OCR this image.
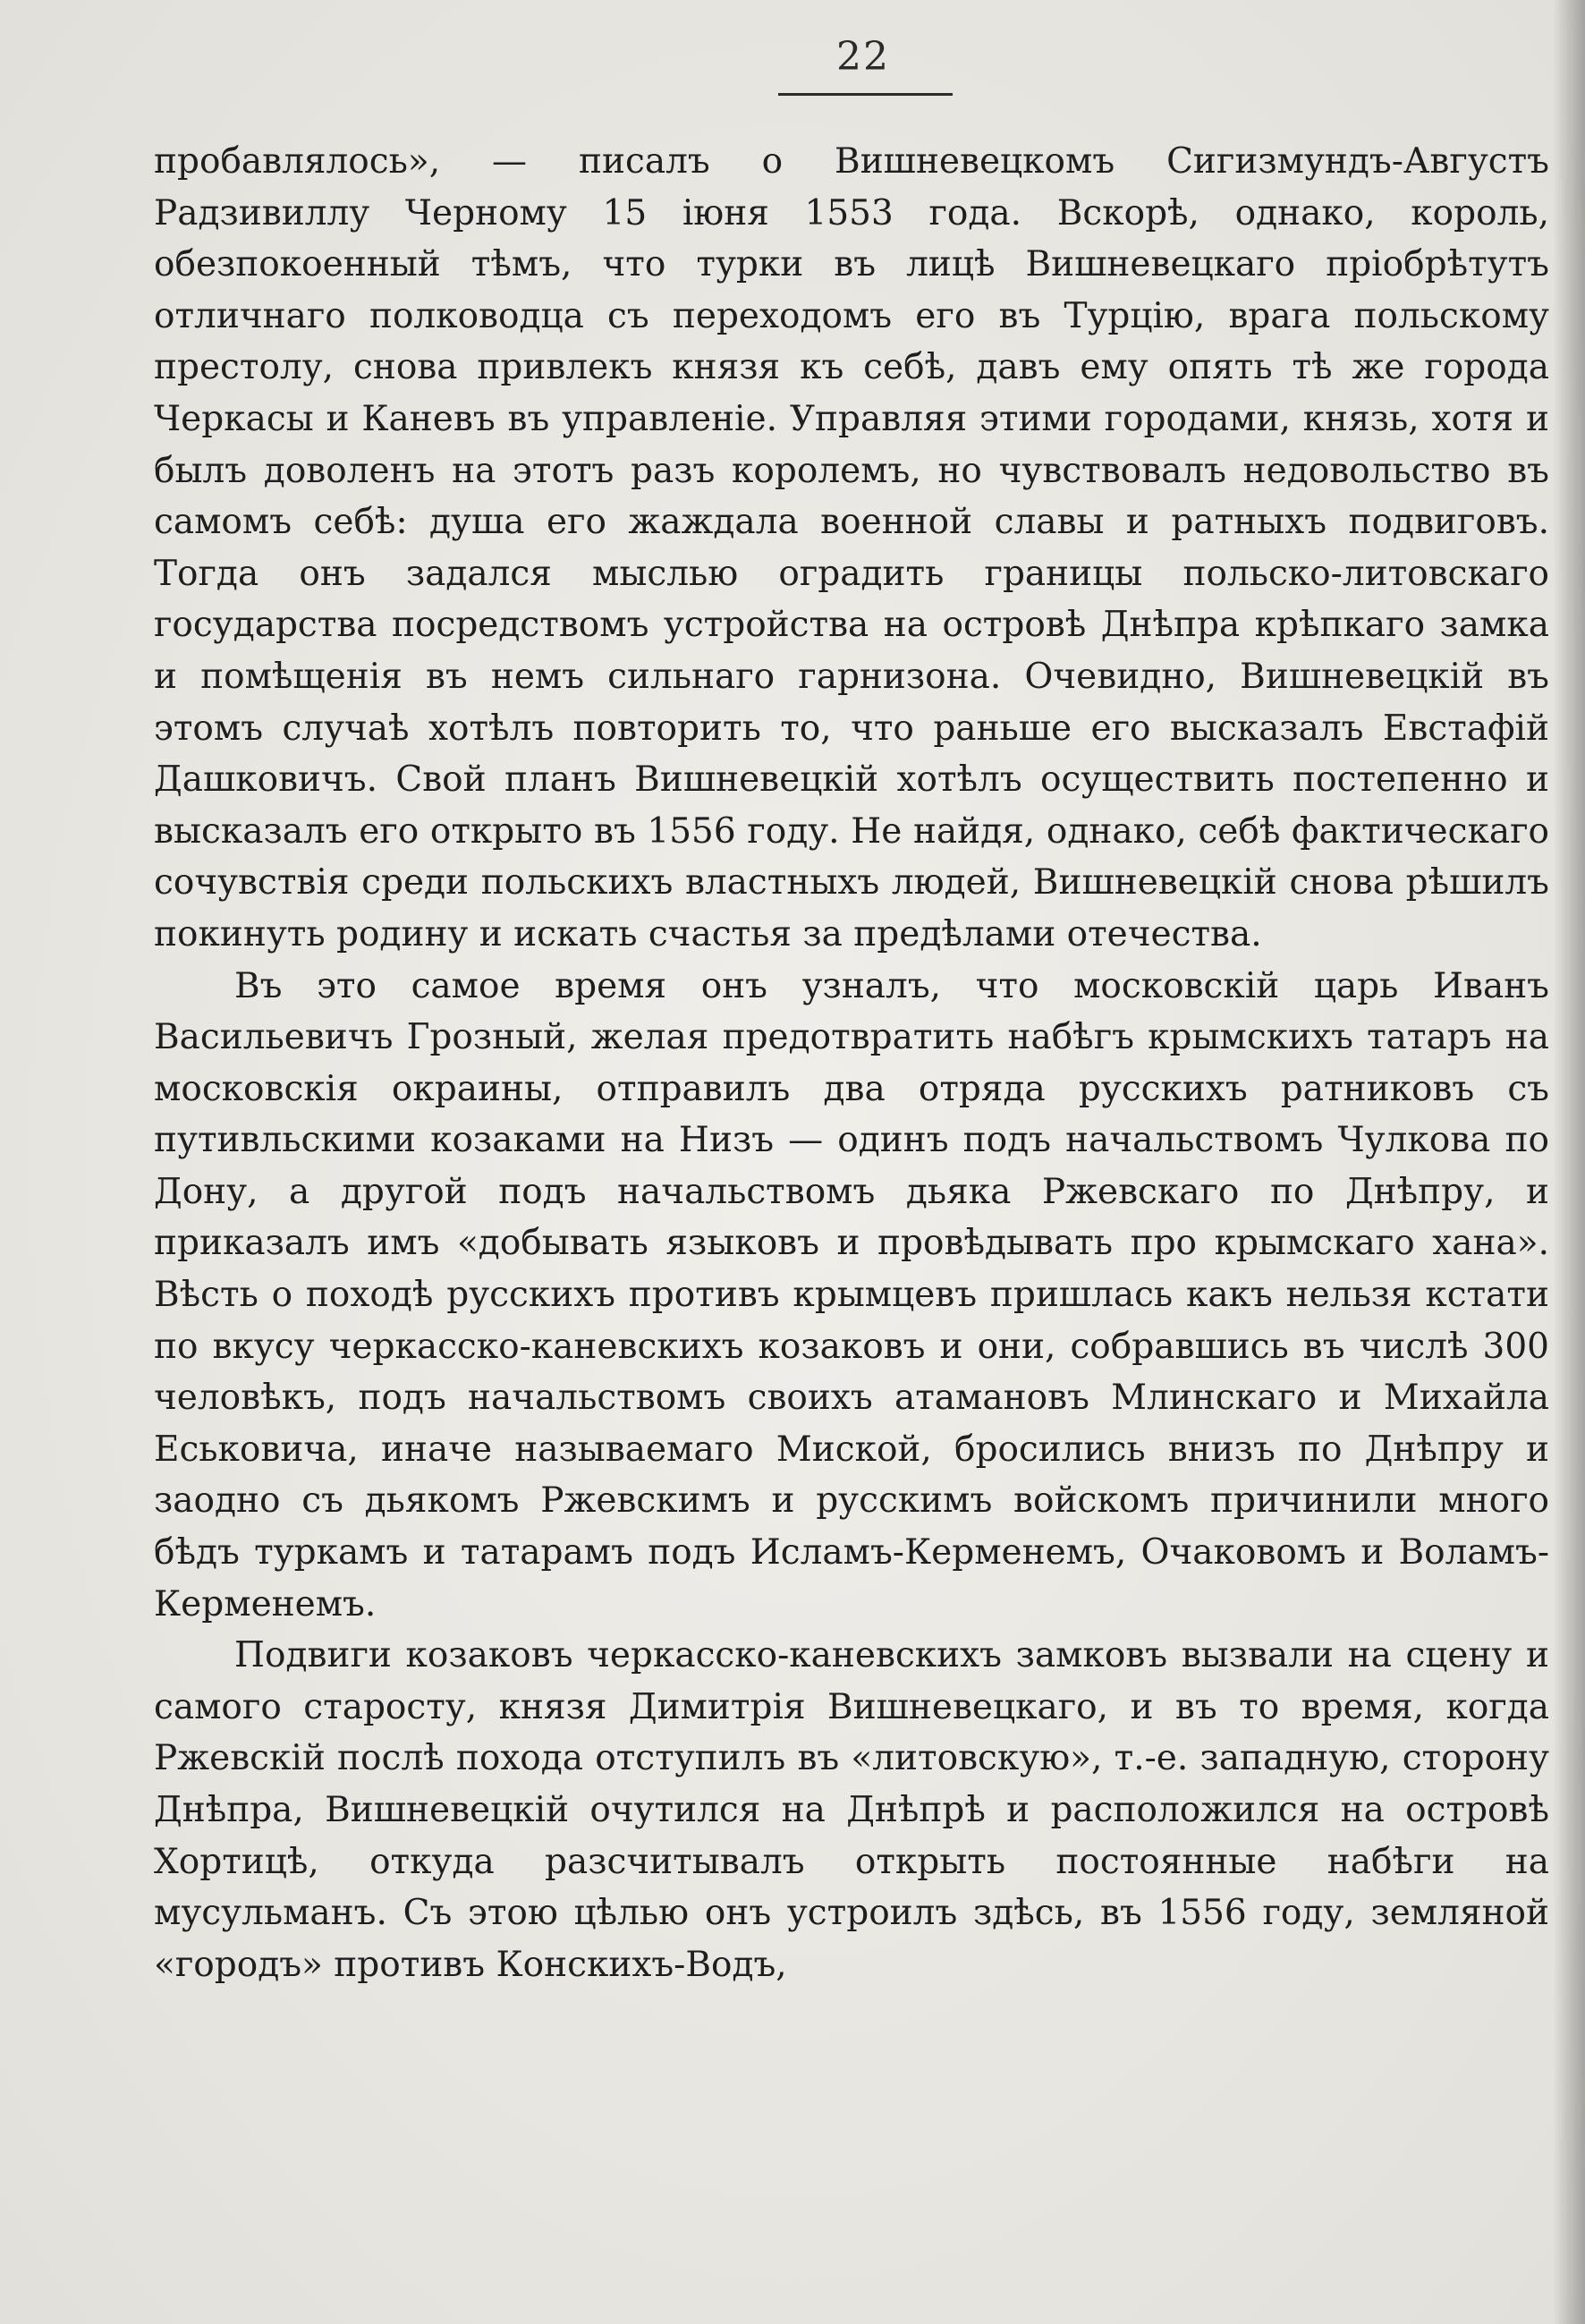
22

пробавлялось», — писалъ о Вишневецкомъ Сигизмундъ-Августъ Радзивиллу Черному 15 іюня 1553 года. Вскорѣ, однако, король, обезпокоенный тѣмъ, что турки въ лицѣ Вишневецкаго пріобрѣтутъ отличнаго полководца съ переходомъ его въ Турцію, врага польскому престолу, снова привлекъ князя къ себѣ, давъ ему опять тѣ же города Черкасы и Каневъ въ управленіе. Управляя этими городами, князь, хотя и былъ доволенъ на этотъ разъ королемъ, но чувствовалъ недовольство въ самомъ себѣ: душа его жаждала военной славы и ратныхъ подвиговъ. Тогда онъ задался мыслью оградить границы польско-литовскаго государства посредствомъ устройства на островѣ Днѣпра крѣпкаго замка и помѣщенія въ немъ сильнаго гарнизона. Очевидно, Вишневецкій въ этомъ случаѣ хотѣлъ повторить то, что раньше его высказалъ Евстафій Дашковичъ. Свой планъ Вишневецкій хотѣлъ осуществить постепенно и высказалъ его открыто въ 1556 году. Не найдя, однако, себѣ фактическаго сочувствія среди польскихъ властныхъ людей, Вишневецкій снова рѣшилъ покинуть родину и искать счастья за предѣлами отечества.

Въ это самое время онъ узналъ, что московскій царь Иванъ Васильевичъ Грозный, желая предотвратить набѣгъ крымскихъ татаръ на московскія окраины, отправилъ два отряда русскихъ ратниковъ съ путивльскими козаками на Низъ — одинъ подъ начальствомъ Чулкова по Дону, а другой подъ начальствомъ дьяка Ржевскаго по Днѣпру, и приказалъ имъ «добывать языковъ и провѣдывать про крымскаго хана». Вѣсть о походѣ русскихъ противъ крымцевъ пришлась какъ нельзя кстати по вкусу черкасско-каневскихъ козаковъ и они, собравшись въ числѣ 300 человѣкъ, подъ начальствомъ своихъ атамановъ Млинскаго и Михайла Еськовича, иначе называемаго Миской, бросились внизъ по Днѣпру и заодно съ дьякомъ Ржевскимъ и русскимъ войскомъ причинили много бѣдъ туркамъ и татарамъ подъ Исламъ-Керменемъ, Очаковомъ и Воламъ-Керменемъ.

Подвиги козаковъ черкасско-каневскихъ замковъ вызвали на сцену и самого старосту, князя Димитрія Вишневецкаго, и въ то время, когда Ржевскій послѣ похода отступилъ въ «литовскую», т.-е. западную, сторону Днѣпра, Вишневецкій очутился на Днѣпрѣ и расположился на островѣ Хортицѣ, откуда разсчитывалъ открыть постоянные набѣги на мусульманъ. Съ этою цѣлью онъ устроилъ здѣсь, въ 1556 году, земляной «городъ» противъ Конскихъ-Водъ,
